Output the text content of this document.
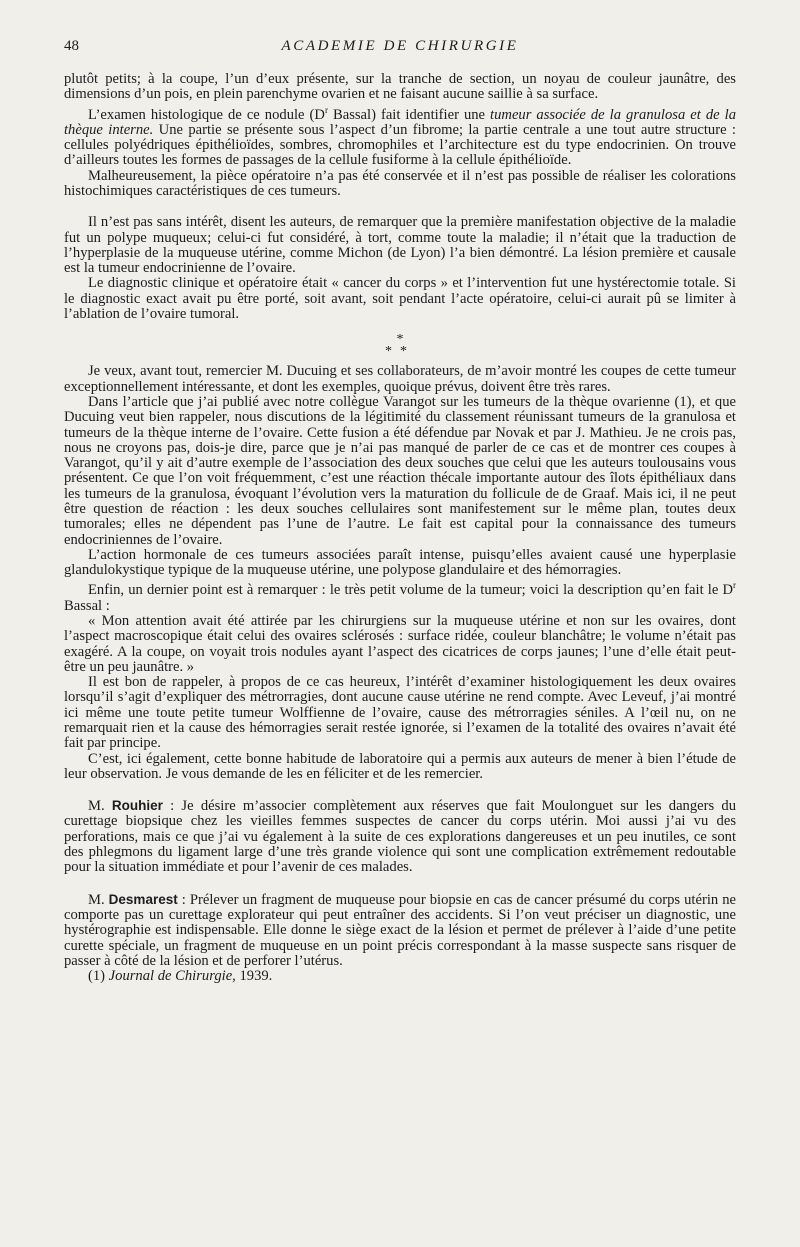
48	ACADEMIE DE CHIRURGIE

plutôt petits; à la coupe, l’un d’eux présente, sur la tranche de section, un noyau de couleur jaunâtre, des dimensions d’un pois, en plein parenchyme ovarien et ne faisant aucune saillie à sa surface.

L’examen histologique de ce nodule ($D^r$ Bassal) fait identifier une tumeur associée de la granulosa et de la thèque interne. Une partie se présente sous l’aspect d’un fibrome; la partie centrale a une tout autre structure : cellules polyédriques épithélioïdes, sombres, chromophiles et l’architecture est du type endocrinien. On trouve d’ailleurs toutes les formes de passages de la cellule fusiforme à la cellule épithélioïde.

Malheureusement, la pièce opératoire n’a pas été conservée et il n’est pas possible de réaliser les colorations histochimiques caractéristiques de ces tumeurs.

Il n’est pas sans intérêt, disent les auteurs, de remarquer que la première manifestation objective de la maladie fut un polype muqueux; celui-ci fut considéré, à tort, comme toute la maladie; il n’était que la traduction de l’hyperplasie de la muqueuse utérine, comme Michon (de Lyon) l’a bien démontré. La lésion première et causale est la tumeur endocrinienne de l’ovaire.

Le diagnostic clinique et opératoire était « cancer du corps » et l’intervention fut une hystérectomie totale. Si le diagnostic exact avait pu être porté, soit avant, soit pendant l’acte opératoire, celui-ci aurait pû se limiter à l’ablation de l’ovaire tumoral.

*
**

Je veux, avant tout, remercier M. Ducuing et ses collaborateurs, de m’avoir montré les coupes de cette tumeur exceptionnellement intéressante, et dont les exemples, quoique prévus, doivent être très rares.

Dans l’article que j’ai publié avec notre collègue Varangot sur les tumeurs de la thèque ovarienne (1), et que Ducuing veut bien rappeler, nous discutions de la légitimité du classement réunissant tumeurs de la granulosa et tumeurs de la thèque interne de l’ovaire. Cette fusion a été défendue par Novak et par J. Mathieu. Je ne crois pas, nous ne croyons pas, dois-je dire, parce que je n’ai pas manqué de parler de ce cas et de montrer ces coupes à Varangot, qu’il y ait d’autre exemple de l’association des deux souches que celui que les auteurs toulousains vous présentent. Ce que l’on voit fréquemment, c’est une réaction thécale importante autour des îlots épithéliaux dans les tumeurs de la granulosa, évoquant l’évolution vers la maturation du follicule de de Graaf. Mais ici, il ne peut être question de réaction : les deux souches cellulaires sont manifestement sur le même plan, toutes deux tumorales; elles ne dépendent pas l’une de l’autre. Le fait est capital pour la connaissance des tumeurs endocriniennes de l’ovaire.

L’action hormonale de ces tumeurs associées paraît intense, puisqu’elles avaient causé une hyperplasie glandulokystique typique de la muqueuse utérine, une polypose glandulaire et des hémorragies.

Enfin, un dernier point est à remarquer : le très petit volume de la tumeur; voici la description qu’en fait le $D^r$ Bassal :

« Mon attention avait été attirée par les chirurgiens sur la muqueuse utérine et non sur les ovaires, dont l’aspect macroscopique était celui des ovaires sclérosés : surface ridée, couleur blanchâtre; le volume n’était pas exagéré. A la coupe, on voyait trois nodules ayant l’aspect des cicatrices de corps jaunes; l’une d’elle était peut-être un peu jaunâtre. »

Il est bon de rappeler, à propos de ce cas heureux, l’intérêt d’examiner histologiquement les deux ovaires lorsqu’il s’agit d’expliquer des métrorragies, dont aucune cause utérine ne rend compte. Avec Leveuf, j’ai montré ici même une toute petite tumeur Wolffienne de l’ovaire, cause des métrorragies séniles. A l’œil nu, on ne remarquait rien et la cause des hémorragies serait restée ignorée, si l’examen de la totalité des ovaires n’avait été fait par principe.

C’est, ici également, cette bonne habitude de laboratoire qui a permis aux auteurs de mener à bien l’étude de leur observation. Je vous demande de les en féliciter et de les remercier.

M. Rouhier : Je désire m’associer complètement aux réserves que fait Moulonguet sur les dangers du curettage biopsique chez les vieilles femmes suspectes de cancer du corps utérin. Moi aussi j’ai vu des perforations, mais ce que j’ai vu également à la suite de ces explorations dangereuses et un peu inutiles, ce sont des phlegmons du ligament large d’une très grande violence qui sont une complication extrêmement redoutable pour la situation immédiate et pour l’avenir de ces malades.

M. Desmarest : Prélever un fragment de muqueuse pour biopsie en cas de cancer présumé du corps utérin ne comporte pas un curettage explorateur qui peut entraîner des accidents. Si l’on veut préciser un diagnostic, une hystérographie est indispensable. Elle donne le siège exact de la lésion et permet de prélever à l’aide d’une petite curette spéciale, un fragment de muqueuse en un point précis correspondant à la masse suspecte sans risquer de passer à côté de la lésion et de perforer l’utérus.

(1) Journal de Chirurgie, 1939.
